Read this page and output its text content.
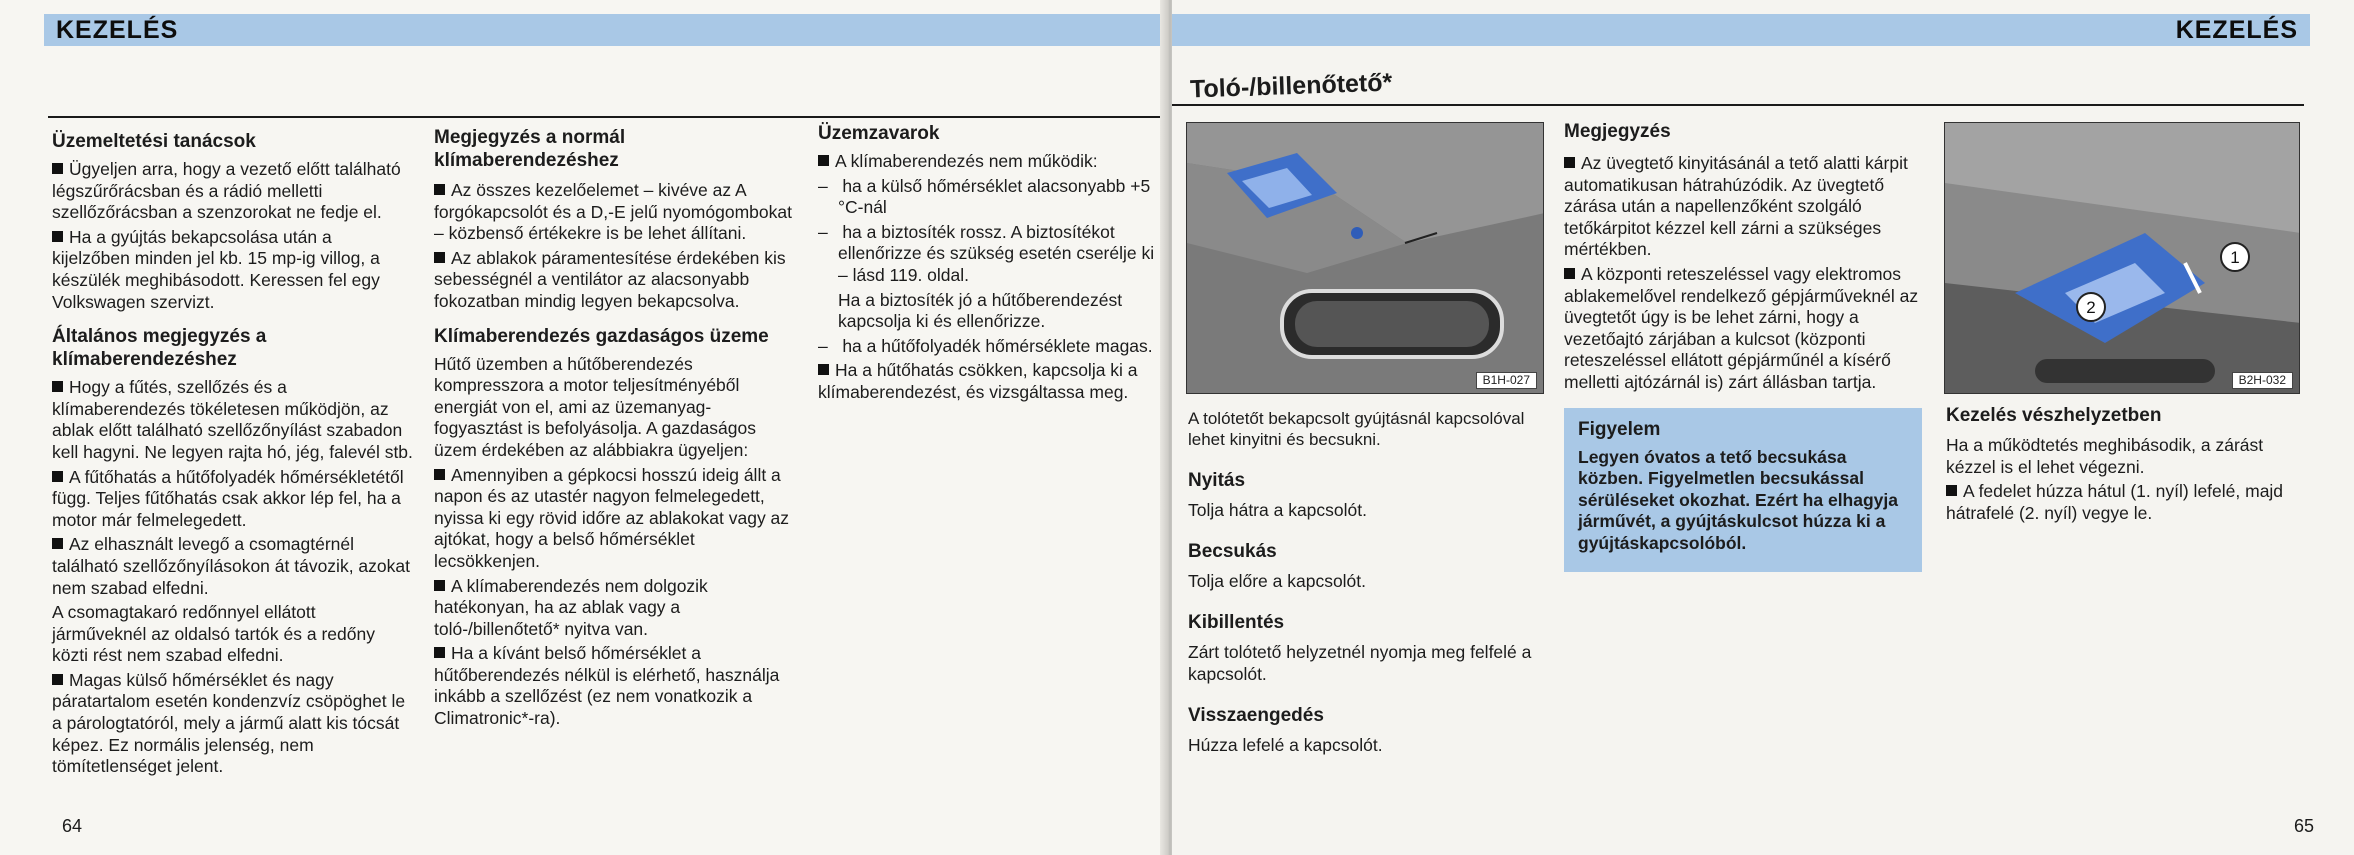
KEZELÉS
Üzemeltetési tanácsok

Ügyeljen arra, hogy a vezető előtt található légszűrőrácsban és a rádió melletti szellőzőrácsban a szenzorokat ne fedje el.

Ha a gyújtás bekapcsolása után a kijelzőben minden jel kb. 15 mp-ig villog, a készülék meghibásodott. Keressen fel egy Volkswagen szervizt.

Általános megjegyzés a klímaberendezéshez

Hogy a fűtés, szellőzés és a klímaberendezés tökéletesen működjön, az ablak előtt található szellőzőnyílást szabadon kell hagyni. Ne legyen rajta hó, jég, falevél stb.

A fűtőhatás a hűtőfolyadék hőmérsékletétől függ. Teljes fűtőhatás csak akkor lép fel, ha a motor már felmelegedett.

Az elhasznált levegő a csomagtérnél található szellőzőnyílásokon át távozik, azokat nem szabad elfedni.

A csomagtakaró redőnnyel ellátott járműveknél az oldalsó tartók és a redőny közti rést nem szabad elfedni.

Magas külső hőmérséklet és nagy páratartalom esetén kondenzvíz csöpöghet le a párologtatóról, mely a jármű alatt kis tócsát képez. Ez normális jelenség, nem tömítetlenséget jelent.

Megjegyzés a normál klímaberendezéshez

Az összes kezelőelemet – kivéve az A forgókapcsolót és a D,-E jelű nyomógombokat – közbenső értékekre is be lehet állítani.

Az ablakok páramentesítése érdekében kis sebességnél a ventilátor az alacsonyabb fokozatban mindig legyen bekapcsolva.

Klímaberendezés gazdaságos üzeme

Hűtő üzemben a hűtőberendezés kompresszora a motor teljesítményéből energiát von el, ami az üzemanyag-fogyasztást is befolyásolja. A gazdaságos üzem érdekében az alábbiakra ügyeljen:

Amennyiben a gépkocsi hosszú ideig állt a napon és az utastér nagyon felmelegedett, nyissa ki egy rövid időre az ablakokat vagy az ajtókat, hogy a belső hőmérséklet lecsökkenjen.

A klímaberendezés nem dolgozik hatékonyan, ha az ablak vagy a toló-/billenőtető* nyitva van.

Ha a kívánt belső hőmérséklet a hűtőberendezés nélkül is elérhető, használja inkább a szellőzést (ez nem vonatkozik a Climatronic*-ra).

Üzemzavarok

A klímaberendezés nem működik:

–   ha a külső hőmérséklet alacsonyabb +5 °C-nál

–   ha a biztosíték rossz. A biztosítékot ellenőrizze és szükség esetén cserélje ki – lásd 119. oldal.

Ha a biztosíték jó a hűtőberendezést kapcsolja ki és ellenőrizze.

–   ha a hűtőfolyadék hőmérséklete magas.

Ha a hűtőhatás csökken, kapcsolja ki a klímaberendezést, és vizsgáltassa meg.

64
KEZELÉS
Toló-/billenőtető*
B1H-027

A tolótetőt bekapcsolt gyújtásnál kapcsolóval lehet kinyitni és becsukni.

Nyitás

Tolja hátra a kapcsolót.

Becsukás

Tolja előre a kapcsolót.

Kibillentés

Zárt tolótető helyzetnél nyomja meg felfelé a kapcsolót.

Visszaengedés

Húzza lefelé a kapcsolót.

Megjegyzés

Az üvegtető kinyitásánál a tető alatti kárpit automatikusan hátrahúzódik. Az üvegtető zárása után a napellenzőként szolgáló tetőkárpitot kézzel kell zárni a szükséges mértékben.

A központi reteszeléssel vagy elektromos ablakemelővel rendelkező gépjárműveknél az üvegtetőt úgy is be lehet zárni, hogy a vezetőajtó zárjában a kulcsot (központi reteszeléssel ellátott gépjárműnél a kísérő melletti ajtózárnál is) zárt állásban tartja.

Figyelem

Legyen óvatos a tető becsukása közben. Figyelmetlen becsukással sérüléseket okozhat. Ezért ha elhagyja járművét, a gyújtáskulcsot húzza ki a gyújtáskapcsolóból.

1
2
B2H-032
Kezelés vészhelyzetben

Ha a működtetés meghibásodik, a zárást kézzel is el lehet végezni.

A fedelet húzza hátul (1. nyíl) lefelé, majd hátrafelé (2. nyíl) vegye le.

65
